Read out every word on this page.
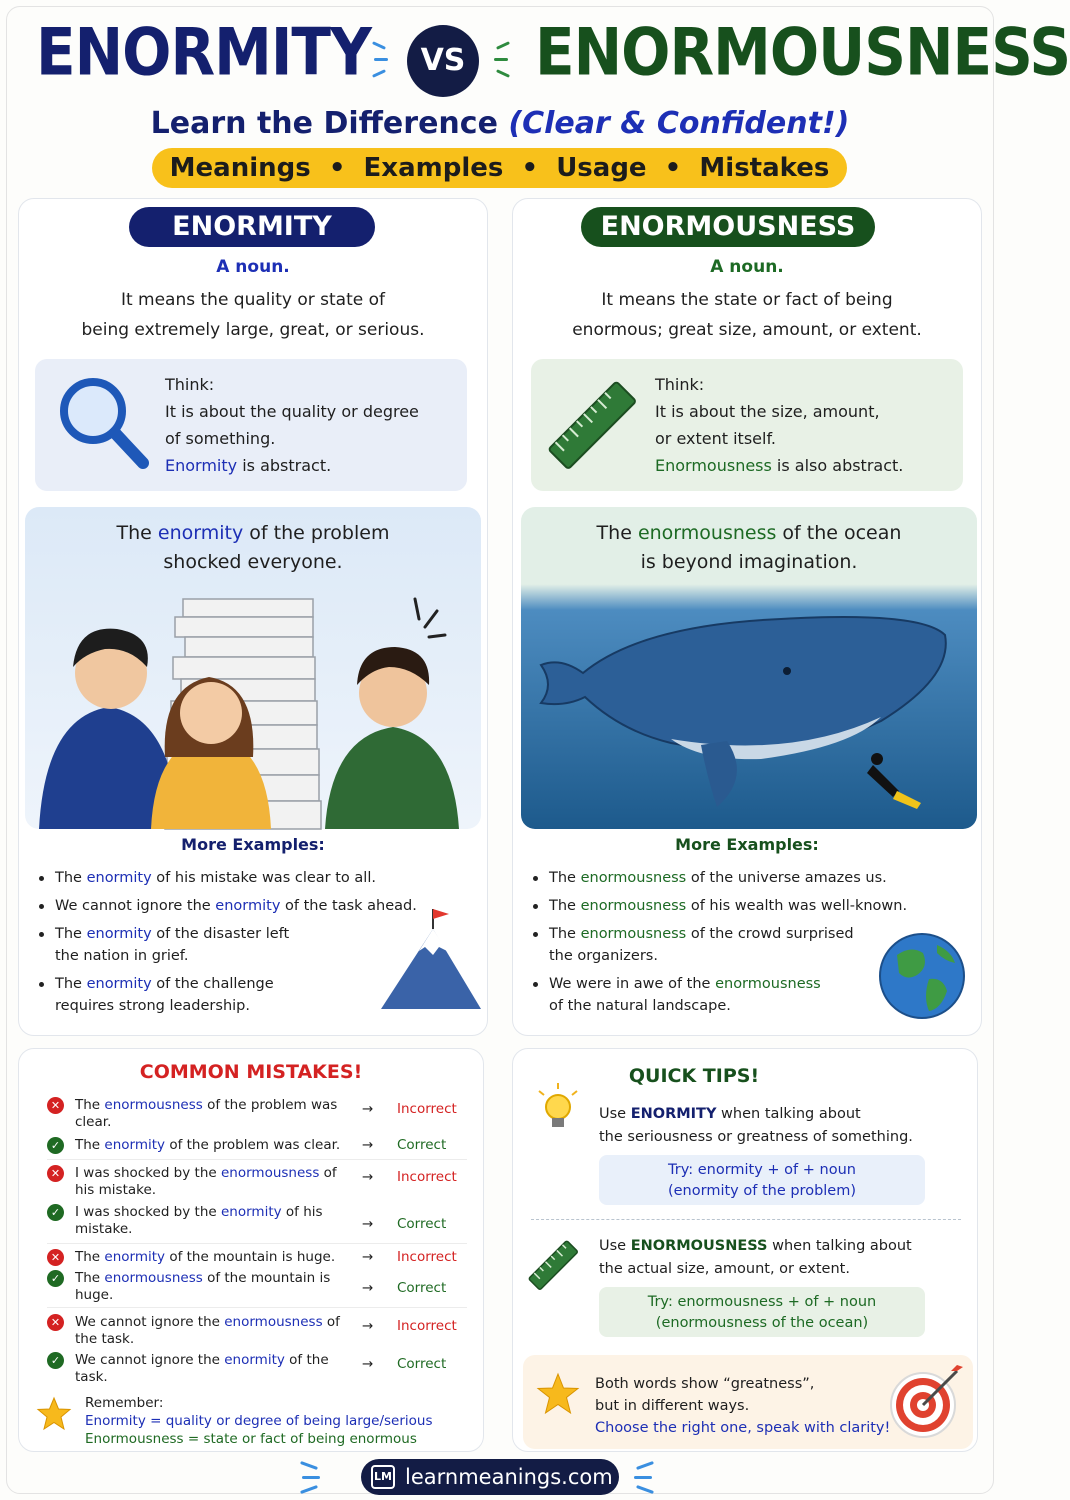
ENORMITY	VS ENORMOUSNESS
Learn the Difference (Clear & Confident!)
Meanings  •  Examples  •  Usage  •  Mistakes
ENORMITY
A noun.
It means the quality or state of
being extremely large, great, or serious.

Think:

It is about the quality or degree

of something.

Enormity is abstract.

The enormity of the problem
shocked everyone.
More Examples:
The enormity of his mistake was clear to all.
We cannot ignore the enormity of the task ahead.
The enormity of the disaster left the nation in grief.
The enormity of the challenge requires strong leadership.
ENORMOUSNESS
A noun.
It means the state or fact of being
enormous; great size, amount, or extent.

Think:

It is about the size, amount,

or extent itself.

Enormousness is also abstract.

The enormousness of the ocean
is beyond imagination.
More Examples:
The enormousness of the universe amazes us.
The enormousness of his wealth was well-known.
The enormousness of the crowd surprised the organizers.
We were in awe of the enormousness of the natural landscape.
COMMON MISTAKES!
✕ The enormousness of the problem was clear.
→ Incorrect
✓ The enormity of the problem was clear.	→ Correct
✕ I was shocked by the enormousness of his mistake.
→ Incorrect
✓ I was shocked by the enormity of his mistake.	→ Correct
✕ The enormity of the mountain is huge.	→ Incorrect
✓ The enormousness of the mountain is huge.	→ Correct
✕ We cannot ignore the enormousness of the task.
→ Incorrect
✓ We cannot ignore the enormity of the task.
→ Correct
Remember:
Enormity = quality or degree of being large/serious
Enormousness = state or fact of being enormous
QUICK TIPS!
Use ENORMITY when talking about
the seriousness or greatness of something.
Try: enormity + of + noun
(enormity of the problem)
Use ENORMOUSNESS when talking about
the actual size, amount, or extent.
Try: enormousness + of + noun
(enormousness of the ocean)
Both words show “greatness”,
but in different ways.
Choose the right one, speak with clarity!
LM learnmeanings.com
